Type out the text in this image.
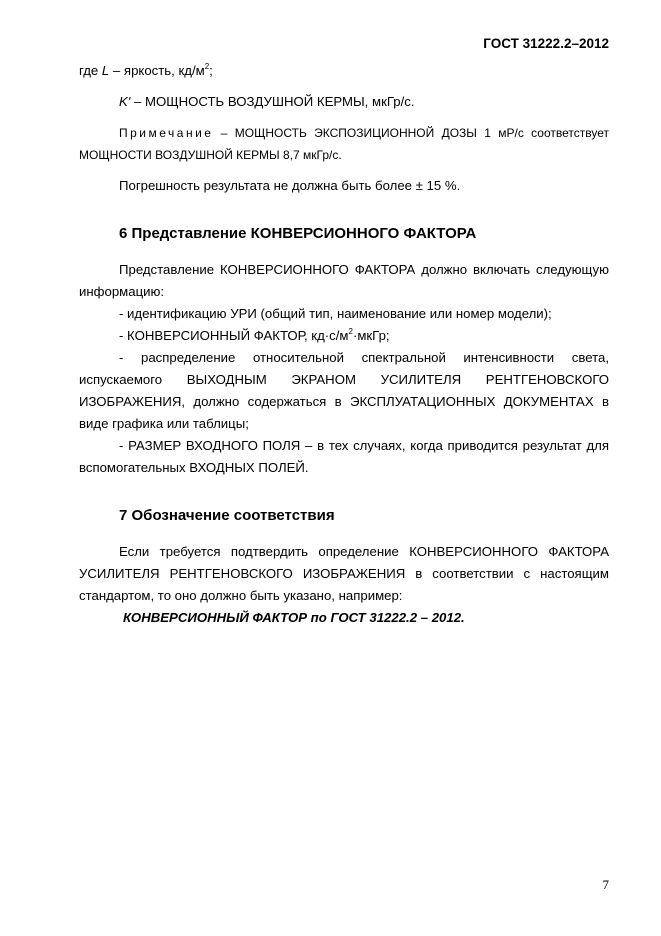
ГОСТ 31222.2–2012

где L – яркость, $кд/м^2$;

K' – МОЩНОСТЬ ВОЗДУШНОЙ КЕРМЫ, мкГр/с.

Примечание – МОЩНОСТЬ ЭКСПОЗИЦИОННОЙ ДОЗЫ 1 мР/с соответствует МОЩНОСТИ ВОЗДУШНОЙ КЕРМЫ 8,7 мкГр/с.

Погрешность результата не должна быть более ± 15 %.

6 Представление КОНВЕРСИОННОГО ФАКТОРА

Представление КОНВЕРСИОННОГО ФАКТОРА должно включать следующую информацию:

- идентификацию УРИ (общий тип, наименование или номер модели);

- КОНВЕРСИОННЫЙ ФАКТОР, $кд\cdot с/м^2\cdot мкГр$;

- распределение относительной спектральной интенсивности света, испускаемого ВЫХОДНЫМ ЭКРАНОМ УСИЛИТЕЛЯ РЕНТГЕНОВСКОГО ИЗОБРАЖЕНИЯ, должно содержаться в ЭКСПЛУАТАЦИОННЫХ ДОКУМЕНТАХ в виде графика или таблицы;

- РАЗМЕР ВХОДНОГО ПОЛЯ – в тех случаях, когда приводится результат для вспомогательных ВХОДНЫХ ПОЛЕЙ.

7 Обозначение соответствия

Если требуется подтвердить определение КОНВЕРСИОННОГО ФАКТОРА УСИЛИТЕЛЯ РЕНТГЕНОВСКОГО ИЗОБРАЖЕНИЯ в соответствии с настоящим стандартом, то оно должно быть указано, например:

КОНВЕРСИОННЫЙ ФАКТОР по ГОСТ 31222.2 – 2012.

7
